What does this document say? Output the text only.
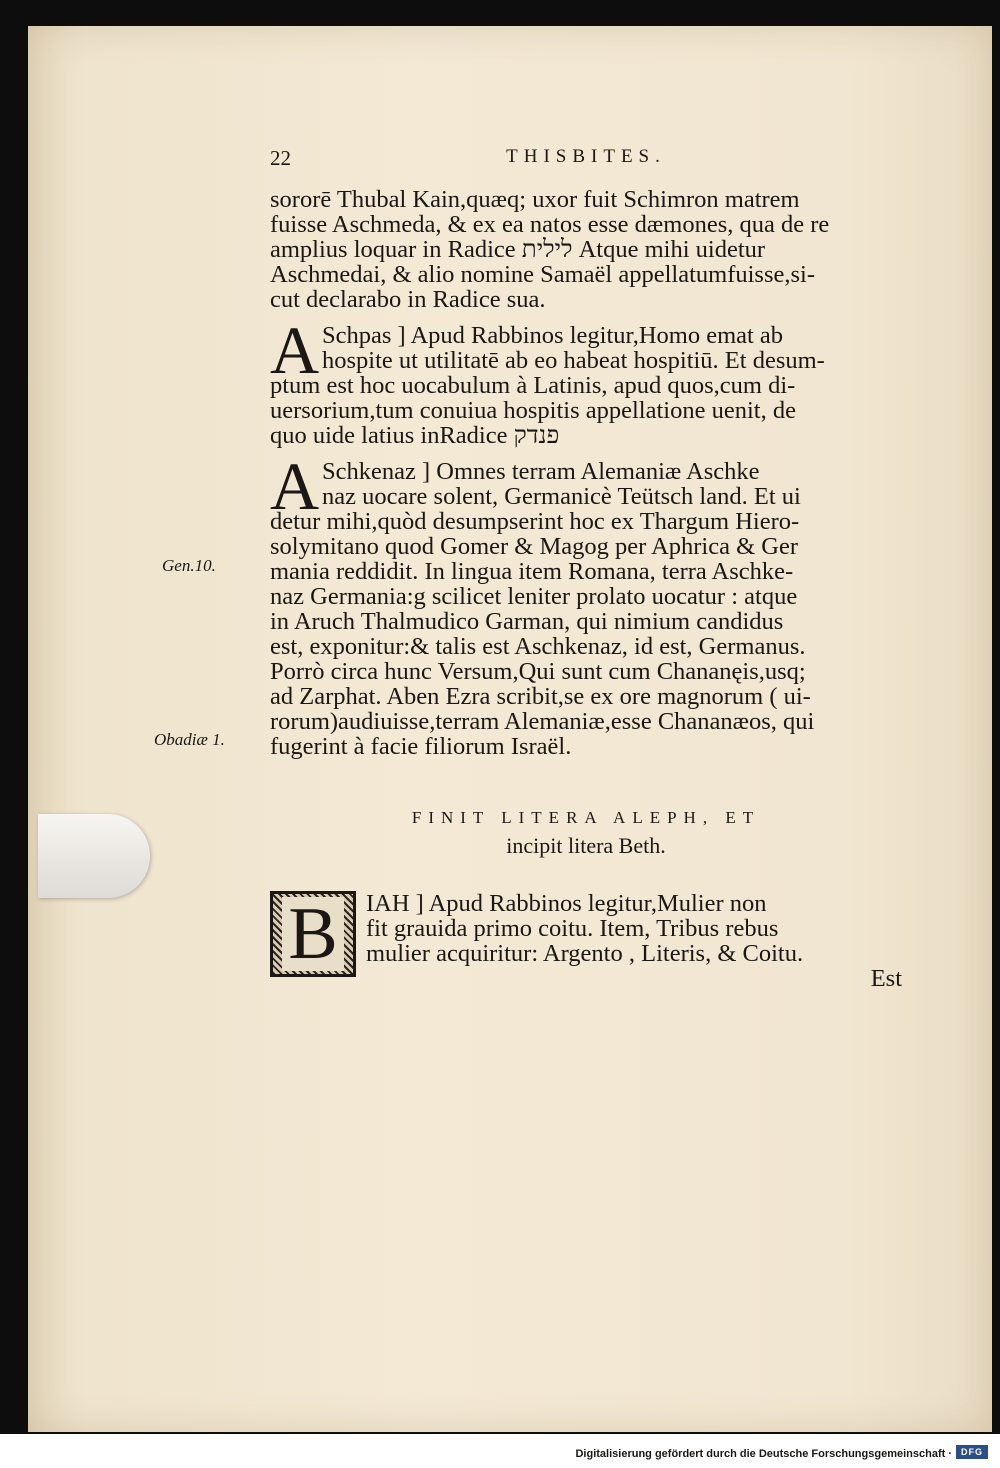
Gen.10.
Obadiæ 1.
22	THISBITES.
sororē Thubal Kain,quæq; uxor fuit Schimron matrem
fuisse Aschmeda, & ex ea natos esse dæmones, qua de re
amplius loquar in Radice לילית Atque mihi uidetur
Aschmedai, & alio nomine Samaël appellatumfuisse,si-
cut declarabo in Radice sua.
A Schpas ] Apud Rabbinos legitur,Homo emat ab
hospite ut utilitatē ab eo habeat hospitiū. Et desum-
ptum est hoc uocabulum à Latinis, apud quos,cum di-
uersorium,tum conuiua hospitis appellatione uenit, de
quo uide latius inRadice פנדק
A Schkenaz ] Omnes terram Alemaniæ Aschke
naz uocare solent, Germanicè Teütsch land. Et ui
detur mihi,quòd desumpserint hoc ex Thargum Hiero-
solymitano quod Gomer & Magog per Aphrica & Ger
mania reddidit. In lingua item Romana, terra Aschke-
naz Germania:g scilicet leniter prolato uocatur : atque
in Aruch Thalmudico Garman, qui nimium candidus
est, exponitur:& talis est Aschkenaz, id est, Germanus.
Porrò circa hunc Versum,Qui sunt cum Chananęis,usq;
ad Zarphat. Aben Ezra scribit,se ex ore magnorum ( ui-
rorum)audiuisse,terram Alemaniæ,esse Chananæos, qui
fugerint à facie filiorum Israël.
FINIT LITERA ALEPH, ET
incipit litera Beth.
B	IAH ] Apud Rabbinos legitur,Mulier non
fit grauida primo coitu. Item, Tribus rebus
mulier acquiritur: Argento , Literis, & Coitu.
Est
Digitalisierung gefördert durch die Deutsche Forschungsgemeinschaft ·	DFG
